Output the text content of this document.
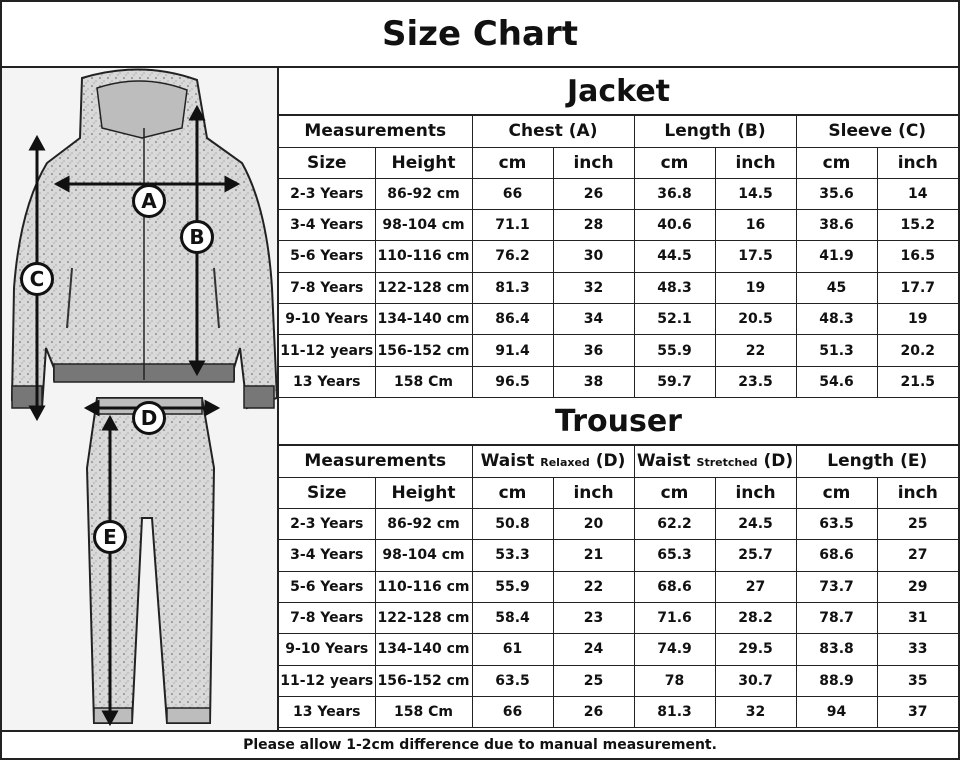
Size Chart
A
B
C
D
E
Jacket
Measurements		Chest (A)		Length (B)		Sleeve (C)	
Size	Height	cm	inch	cm	inch	cm	inch
2-3 Years	86-92 cm	66	26	36.8	14.5	35.6	14
3-4 Years	98-104 cm	71.1	28	40.6	16	38.6	15.2
5-6 Years	110-116 cm	76.2	30	44.5	17.5	41.9	16.5
7-8 Years	122-128 cm	81.3	32	48.3	19	45	17.7
9-10 Years	134-140 cm	86.4	34	52.1	20.5	48.3	19
11-12 years	156-152 cm	91.4	36	55.9	22	51.3	20.2
13 Years	158 Cm	96.5	38	59.7	23.5	54.6	21.5
Trouser
Measurements		Waist Relaxed (D)		Waist Stretched (D)		Length (E)	
Size	Height	cm	inch	cm	inch	cm	inch
2-3 Years	86-92 cm	50.8	20	62.2	24.5	63.5	25
3-4 Years	98-104 cm	53.3	21	65.3	25.7	68.6	27
5-6 Years	110-116 cm	55.9	22	68.6	27	73.7	29
7-8 Years	122-128 cm	58.4	23	71.6	28.2	78.7	31
9-10 Years	134-140 cm	61	24	74.9	29.5	83.8	33
11-12 years	156-152 cm	63.5	25	78	30.7	88.9	35
13 Years	158 Cm	66	26	81.3	32	94	37
Please allow 1-2cm difference due to manual measurement.
